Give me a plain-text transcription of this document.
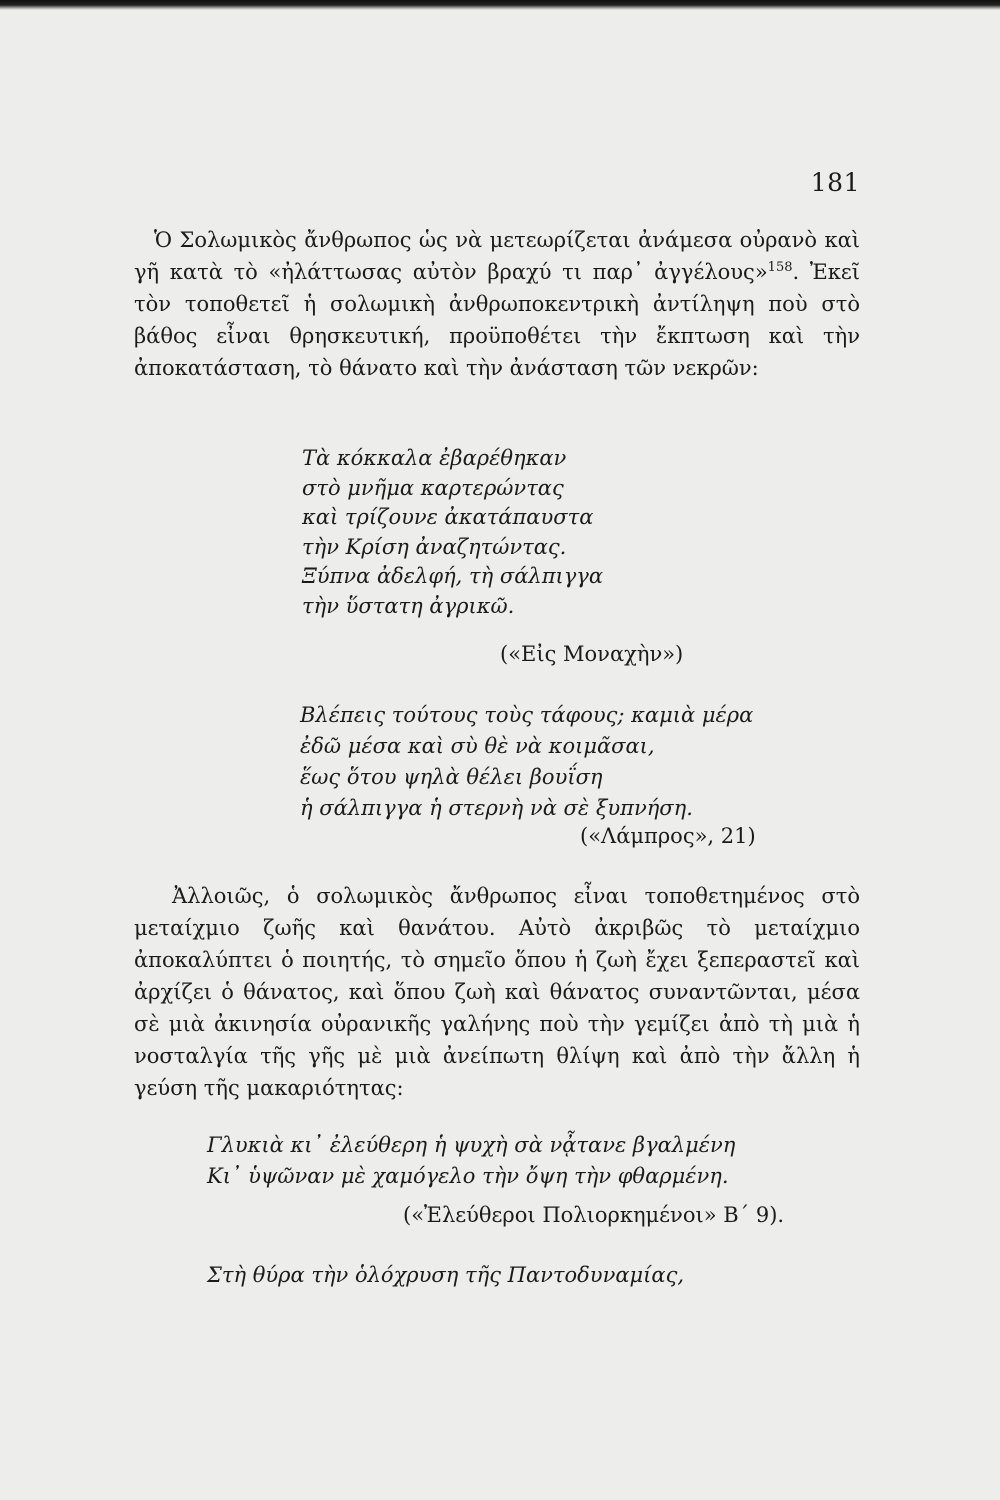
181

Ὁ Σολωμικὸς ἄνθρωπος ὡς νὰ μετεωρίζεται ἀνάμεσα οὐρανὸ καὶ γῆ κατὰ τὸ «ἠλάττωσας αὐτὸν βραχύ τι παρ᾽ ἀγγέλους»$^{158}$. Ἐκεῖ τὸν τοποθετεῖ ἡ σολωμικὴ ἀνθρωποκεντρικὴ ἀντίληψη ποὺ στὸ βάθος εἶναι θρησκευτική, προϋποθέτει τὴν ἔκπτωση καὶ τὴν ἀποκατάσταση, τὸ θάνατο καὶ τὴν ἀνάσταση τῶν νεκρῶν:

Τὰ κόκκαλα ἐβαρέθηκαν
στὸ μνῆμα καρτερώντας
καὶ τρίζουνε ἀκατάπαυστα
τὴν Κρίση ἀναζητώντας.
Ξύπνα ἀδελφή, τὴ σάλπιγγα
τὴν ὕστατη ἀγρικῶ.
(«Εἰς Μοναχὴν»)
Βλέπεις τούτους τοὺς τάφους; καμιὰ μέρα
ἐδῶ μέσα καὶ σὺ θὲ νὰ κοιμᾶσαι,
ἕως ὅτου ψηλὰ θέλει βουΐση
ἡ σάλπιγγα ἡ στερνὴ νὰ σὲ ξυπνήση.
(«Λάμπρος», 21)

Ἀλλοιῶς, ὁ σολωμικὸς ἄνθρωπος εἶναι τοποθετημένος στὸ μεταίχμιο ζωῆς καὶ θανάτου. Αὐτὸ ἀκριβῶς τὸ μεταίχμιο ἀποκαλύπτει ὁ ποιητής, τὸ σημεῖο ὅπου ἡ ζωὴ ἔχει ξεπεραστεῖ καὶ ἀρχίζει ὁ θάνατος, καὶ ὅπου ζωὴ καὶ θάνατος συναντῶνται, μέσα σὲ μιὰ ἀκινησία οὐρανικῆς γαλήνης ποὺ τὴν γεμίζει ἀπὸ τὴ μιὰ ἡ νοσταλγία τῆς γῆς μὲ μιὰ ἀνείπωτη θλίψη καὶ ἀπὸ τὴν ἄλλη ἡ γεύση τῆς μακαριότητας:

Γλυκιὰ κι᾽ ἐλεύθερη ἡ ψυχὴ σὰ νᾆτανε βγαλμένη
Κι᾽ ὑψῶναν μὲ χαμόγελο τὴν ὄψη τὴν φθαρμένη.
(«Ἐλεύθεροι Πολιορκημένοι» Β´ 9).
Στὴ θύρα τὴν ὁλόχρυση τῆς Παντοδυναμίας,
